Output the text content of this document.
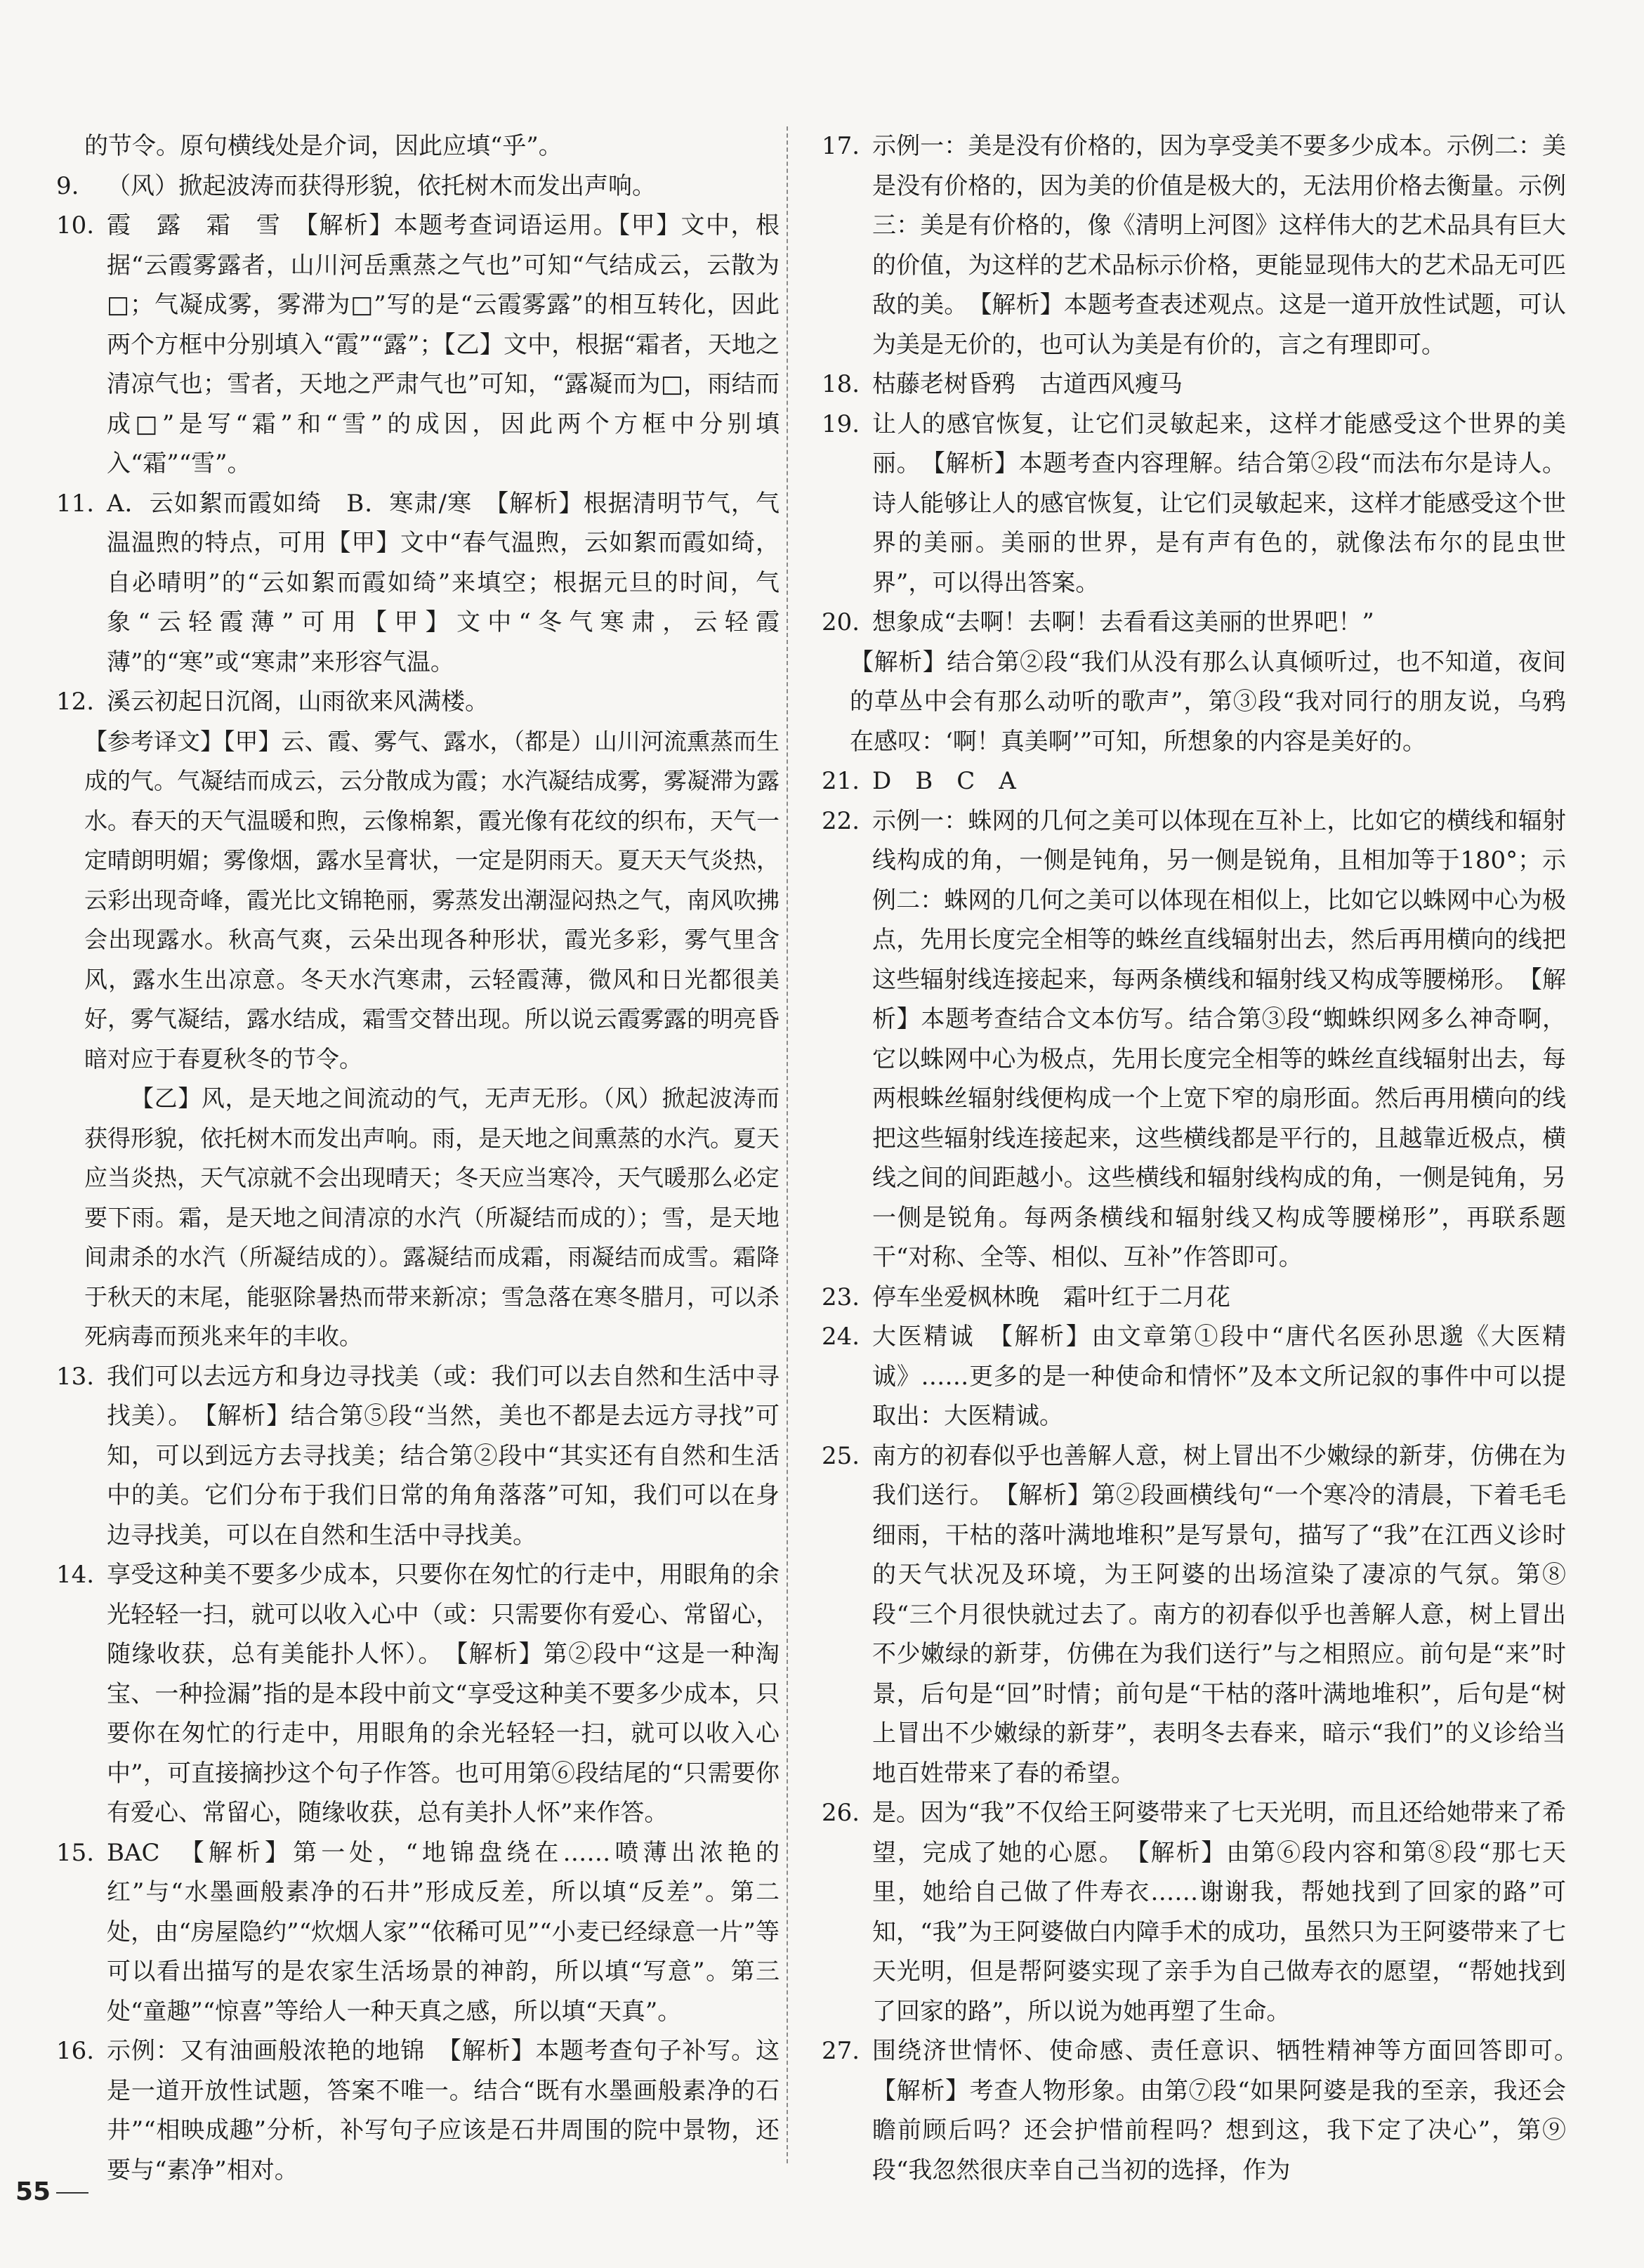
的节令。原句横线处是介词，因此应填“乎”。
9.	（风）掀起波涛而获得形貌，依托树木而发出声响。
10. 霞　露　霜　雪　【解析】本题考查词语运用。【甲】文中，根据“云霞雾露者，山川河岳熏蒸之气也”可知“气结成云，云散为□；气凝成雾，雾滞为□”写的是“云霞雾露”的相互转化，因此两个方框中分别填入“霞”“露”；【乙】文中，根据“霜者，天地之清凉气也；雪者，天地之严肃气也”可知，“露凝而为□，雨结而成□”是写“霜”和“雪”的成因，因此两个方框中分别填入“霜”“雪”。
11. A．云如絮而霞如绮　B．寒肃/寒　【解析】根据清明节气，气温温煦的特点，可用【甲】文中“春气温煦，云如絮而霞如绮，自必晴明”的“云如絮而霞如绮”来填空；根据元旦的时间，气象“云轻霞薄”可用【甲】文中“冬气寒肃，云轻霞薄”的“寒”或“寒肃”来形容气温。
12. 溪云初起日沉阁，山雨欲来风满楼。
【参考译文】【甲】云、霞、雾气、露水，（都是）山川河流熏蒸而生成的气。气凝结而成云，云分散成为霞；水汽凝结成雾，雾凝滞为露水。春天的天气温暖和煦，云像棉絮，霞光像有花纹的织布，天气一定晴朗明媚；雾像烟，露水呈膏状，一定是阴雨天。夏天天气炎热，云彩出现奇峰，霞光比文锦艳丽，雾蒸发出潮湿闷热之气，南风吹拂会出现露水。秋高气爽，云朵出现各种形状，霞光多彩，雾气里含风，露水生出凉意。冬天水汽寒肃，云轻霞薄，微风和日光都很美好，雾气凝结，露水结成，霜雪交替出现。所以说云霞雾露的明亮昏暗对应于春夏秋冬的节令。
【乙】风，是天地之间流动的气，无声无形。（风）掀起波涛而获得形貌，依托树木而发出声响。雨，是天地之间熏蒸的水汽。夏天应当炎热，天气凉就不会出现晴天；冬天应当寒冷，天气暖那么必定要下雨。霜，是天地之间清凉的水汽（所凝结而成的）；雪，是天地间肃杀的水汽（所凝结成的）。露凝结而成霜，雨凝结而成雪。霜降于秋天的末尾，能驱除暑热而带来新凉；雪急落在寒冬腊月，可以杀死病毒而预兆来年的丰收。
13. 我们可以去远方和身边寻找美（或：我们可以去自然和生活中寻找美）。　【解析】结合第⑤段“当然，美也不都是去远方寻找”可知，可以到远方去寻找美；结合第②段中“其实还有自然和生活中的美。它们分布于我们日常的角角落落”可知，我们可以在身边寻找美，可以在自然和生活中寻找美。
14. 享受这种美不要多少成本，只要你在匆忙的行走中，用眼角的余光轻轻一扫，就可以收入心中（或：只需要你有爱心、常留心，随缘收获，总有美能扑人怀）。　【解析】第②段中“这是一种淘宝、一种捡漏”指的是本段中前文“享受这种美不要多少成本，只要你在匆忙的行走中，用眼角的余光轻轻一扫，就可以收入心中”，可直接摘抄这个句子作答。也可用第⑥段结尾的“只需要你有爱心、常留心，随缘收获，总有美扑人怀”来作答。
15. BAC　【解析】第一处，“地锦盘绕在……喷薄出浓艳的红”与“水墨画般素净的石井”形成反差，所以填“反差”。第二处，由“房屋隐约”“炊烟人家”“依稀可见”“小麦已经绿意一片”等可以看出描写的是农家生活场景的神韵，所以填“写意”。第三处“童趣”“惊喜”等给人一种天真之感，所以填“天真”。
16. 示例：又有油画般浓艳的地锦　【解析】本题考查句子补写。这是一道开放性试题，答案不唯一。结合“既有水墨画般素净的石井”“相映成趣”分析，补写句子应该是石井周围的院中景物，还要与“素净”相对。
17. 示例一：美是没有价格的，因为享受美不要多少成本。示例二：美是没有价格的，因为美的价值是极大的，无法用价格去衡量。示例三：美是有价格的，像《清明上河图》这样伟大的艺术品具有巨大的价值，为这样的艺术品标示价格，更能显现伟大的艺术品无可匹敌的美。　【解析】本题考查表述观点。这是一道开放性试题，可认为美是无价的，也可认为美是有价的，言之有理即可。
18. 枯藤老树昏鸦　古道西风瘦马
19. 让人的感官恢复，让它们灵敏起来，这样才能感受这个世界的美丽。　【解析】本题考查内容理解。结合第②段“而法布尔是诗人。诗人能够让人的感官恢复，让它们灵敏起来，这样才能感受这个世界的美丽。美丽的世界，是有声有色的，就像法布尔的昆虫世界”，可以得出答案。
20. 想象成“去啊！去啊！去看看这美丽的世界吧！”
【解析】结合第②段“我们从没有那么认真倾听过，也不知道，夜间的草丛中会有那么动听的歌声”，第③段“我对同行的朋友说，乌鸦在感叹：‘啊！真美啊’”可知，所想象的内容是美好的。
21. D　B　C　A
22. 示例一：蛛网的几何之美可以体现在互补上，比如它的横线和辐射线构成的角，一侧是钝角，另一侧是锐角，且相加等于180°；示例二：蛛网的几何之美可以体现在相似上，比如它以蛛网中心为极点，先用长度完全相等的蛛丝直线辐射出去，然后再用横向的线把这些辐射线连接起来，每两条横线和辐射线又构成等腰梯形。　【解析】本题考查结合文本仿写。结合第③段“蜘蛛织网多么神奇啊，它以蛛网中心为极点，先用长度完全相等的蛛丝直线辐射出去，每两根蛛丝辐射线便构成一个上宽下窄的扇形面。然后再用横向的线把这些辐射线连接起来，这些横线都是平行的，且越靠近极点，横线之间的间距越小。这些横线和辐射线构成的角，一侧是钝角，另一侧是锐角。每两条横线和辐射线又构成等腰梯形”，再联系题干“对称、全等、相似、互补”作答即可。
23. 停车坐爱枫林晚　霜叶红于二月花
24. 大医精诚　【解析】由文章第①段中“唐代名医孙思邈《大医精诚》……更多的是一种使命和情怀”及本文所记叙的事件中可以提取出：大医精诚。
25. 南方的初春似乎也善解人意，树上冒出不少嫩绿的新芽，仿佛在为我们送行。　【解析】第②段画横线句“一个寒冷的清晨，下着毛毛细雨，干枯的落叶满地堆积”是写景句，描写了“我”在江西义诊时的天气状况及环境，为王阿婆的出场渲染了凄凉的气氛。第⑧段“三个月很快就过去了。南方的初春似乎也善解人意，树上冒出不少嫩绿的新芽，仿佛在为我们送行”与之相照应。前句是“来”时景，后句是“回”时情；前句是“干枯的落叶满地堆积”，后句是“树上冒出不少嫩绿的新芽”，表明冬去春来，暗示“我们”的义诊给当地百姓带来了春的希望。
26. 是。因为“我”不仅给王阿婆带来了七天光明，而且还给她带来了希望，完成了她的心愿。　【解析】由第⑥段内容和第⑧段“那七天里，她给自己做了件寿衣……谢谢我，帮她找到了回家的路”可知，“我”为王阿婆做白内障手术的成功，虽然只为王阿婆带来了七天光明，但是帮阿婆实现了亲手为自己做寿衣的愿望，“帮她找到了回家的路”，所以说为她再塑了生命。
27. 围绕济世情怀、使命感、责任意识、牺牲精神等方面回答即可。　【解析】考查人物形象。由第⑦段“如果阿婆是我的至亲，我还会瞻前顾后吗？还会护惜前程吗？想到这，我下定了决心”，第⑨段“我忽然很庆幸自己当初的选择，作为
55
